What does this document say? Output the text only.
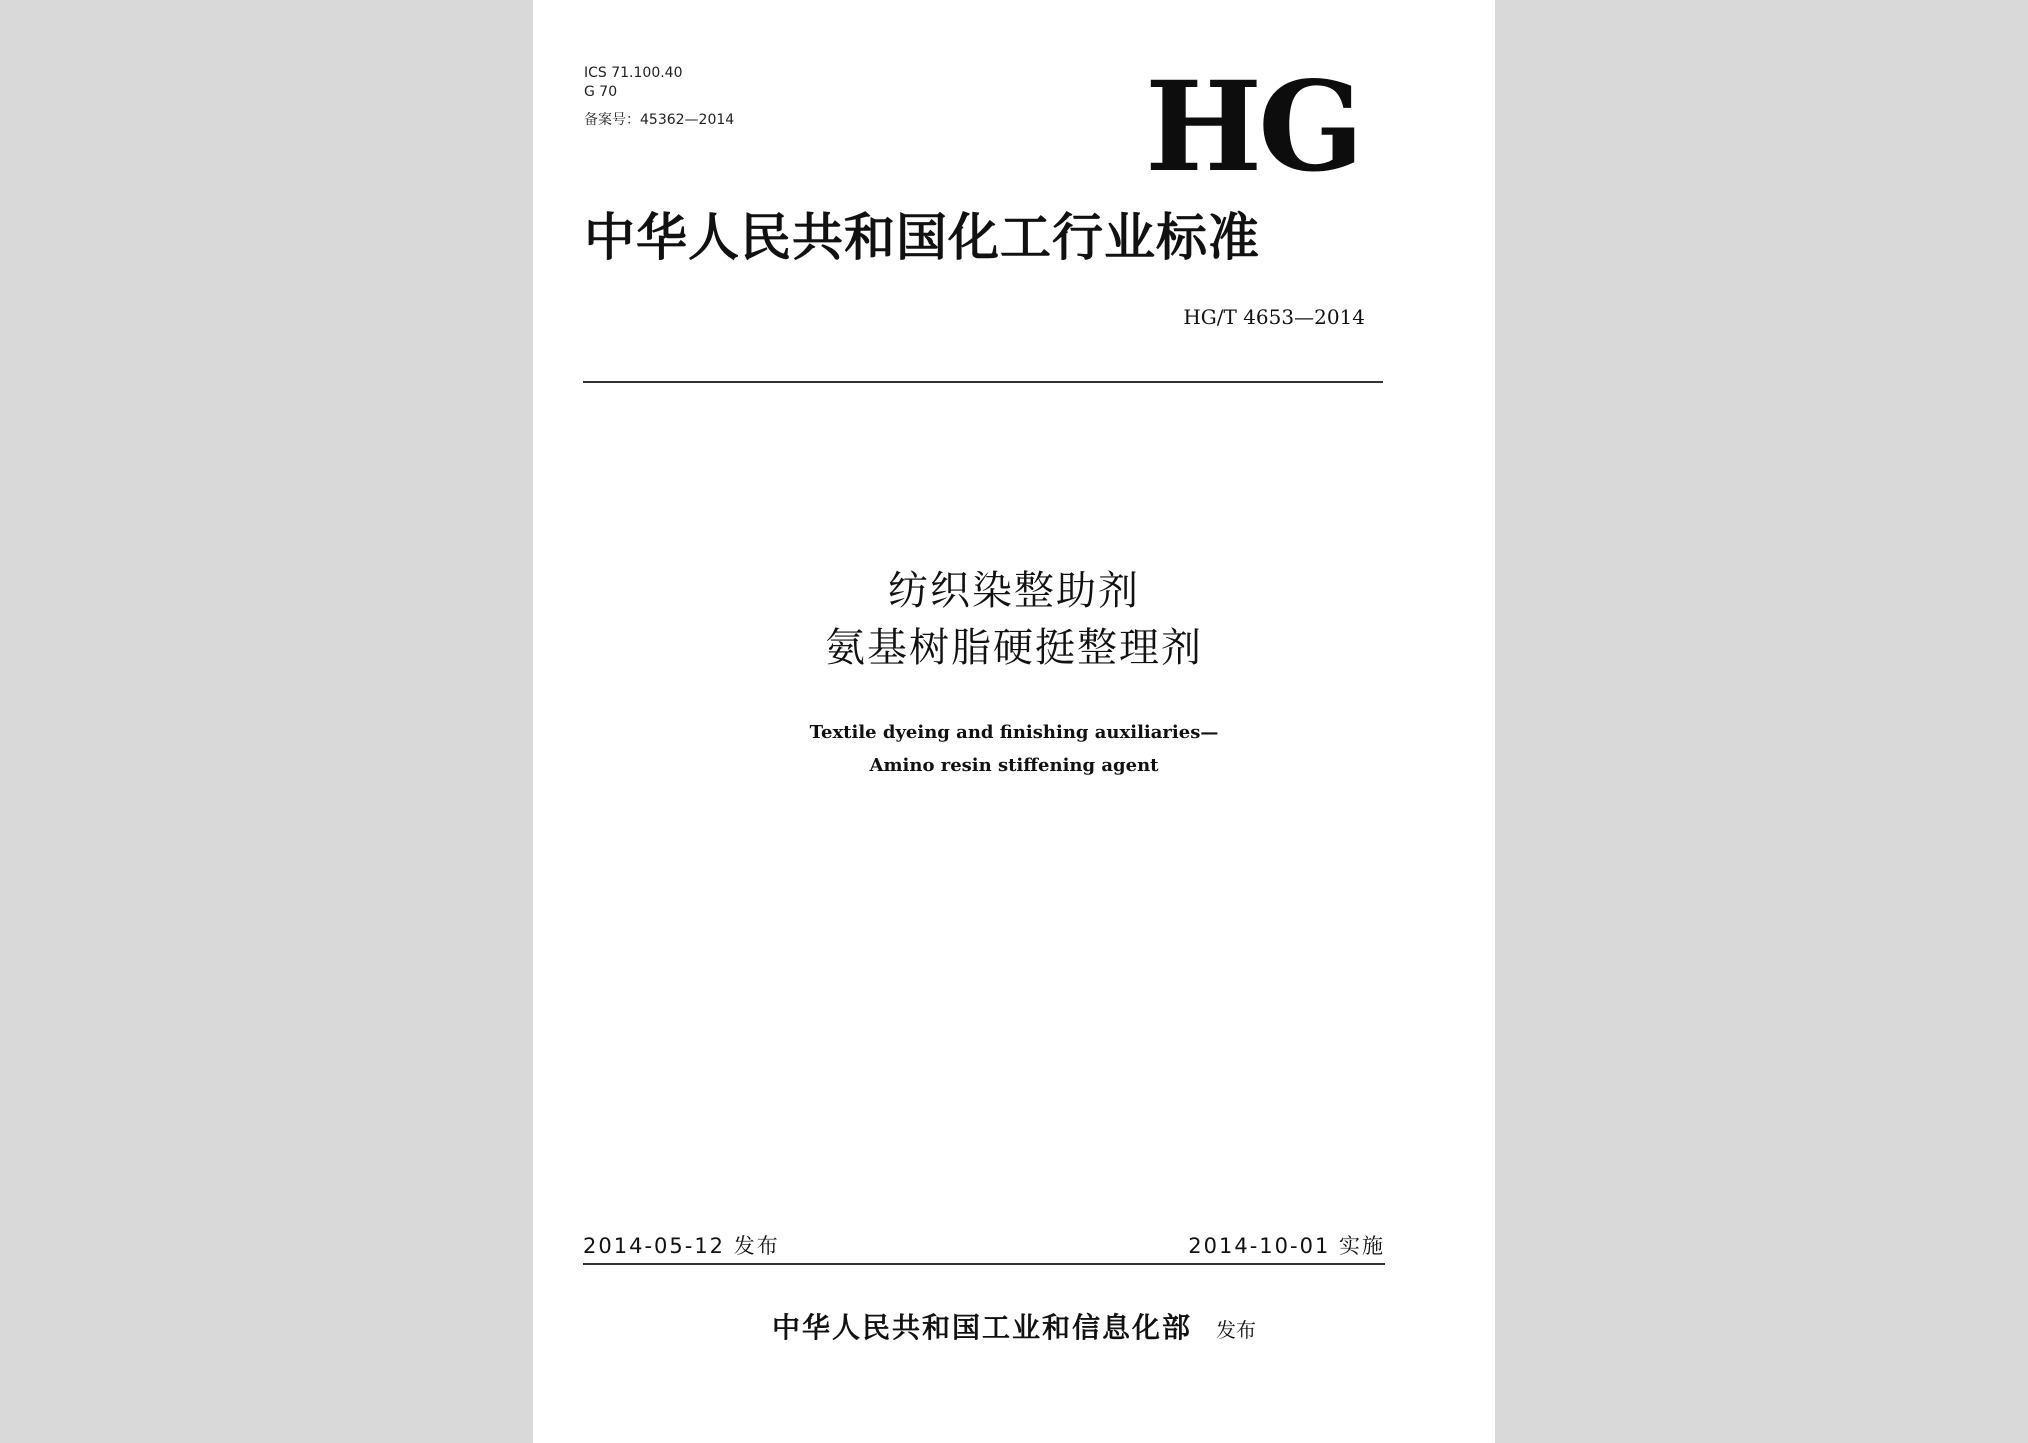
ICS 71.100.40
G 70
备案号：45362—2014	HG
中华人民共和国化工行业标准
HG/T 4653—2014
纺织染整助剂
氨基树脂硬挺整理剂
Textile dyeing and finishing auxiliaries—
Amino resin stiffening agent
2014-05-12 发布	2014-10-01 实施
中华人民共和国工业和信息化部 发布
